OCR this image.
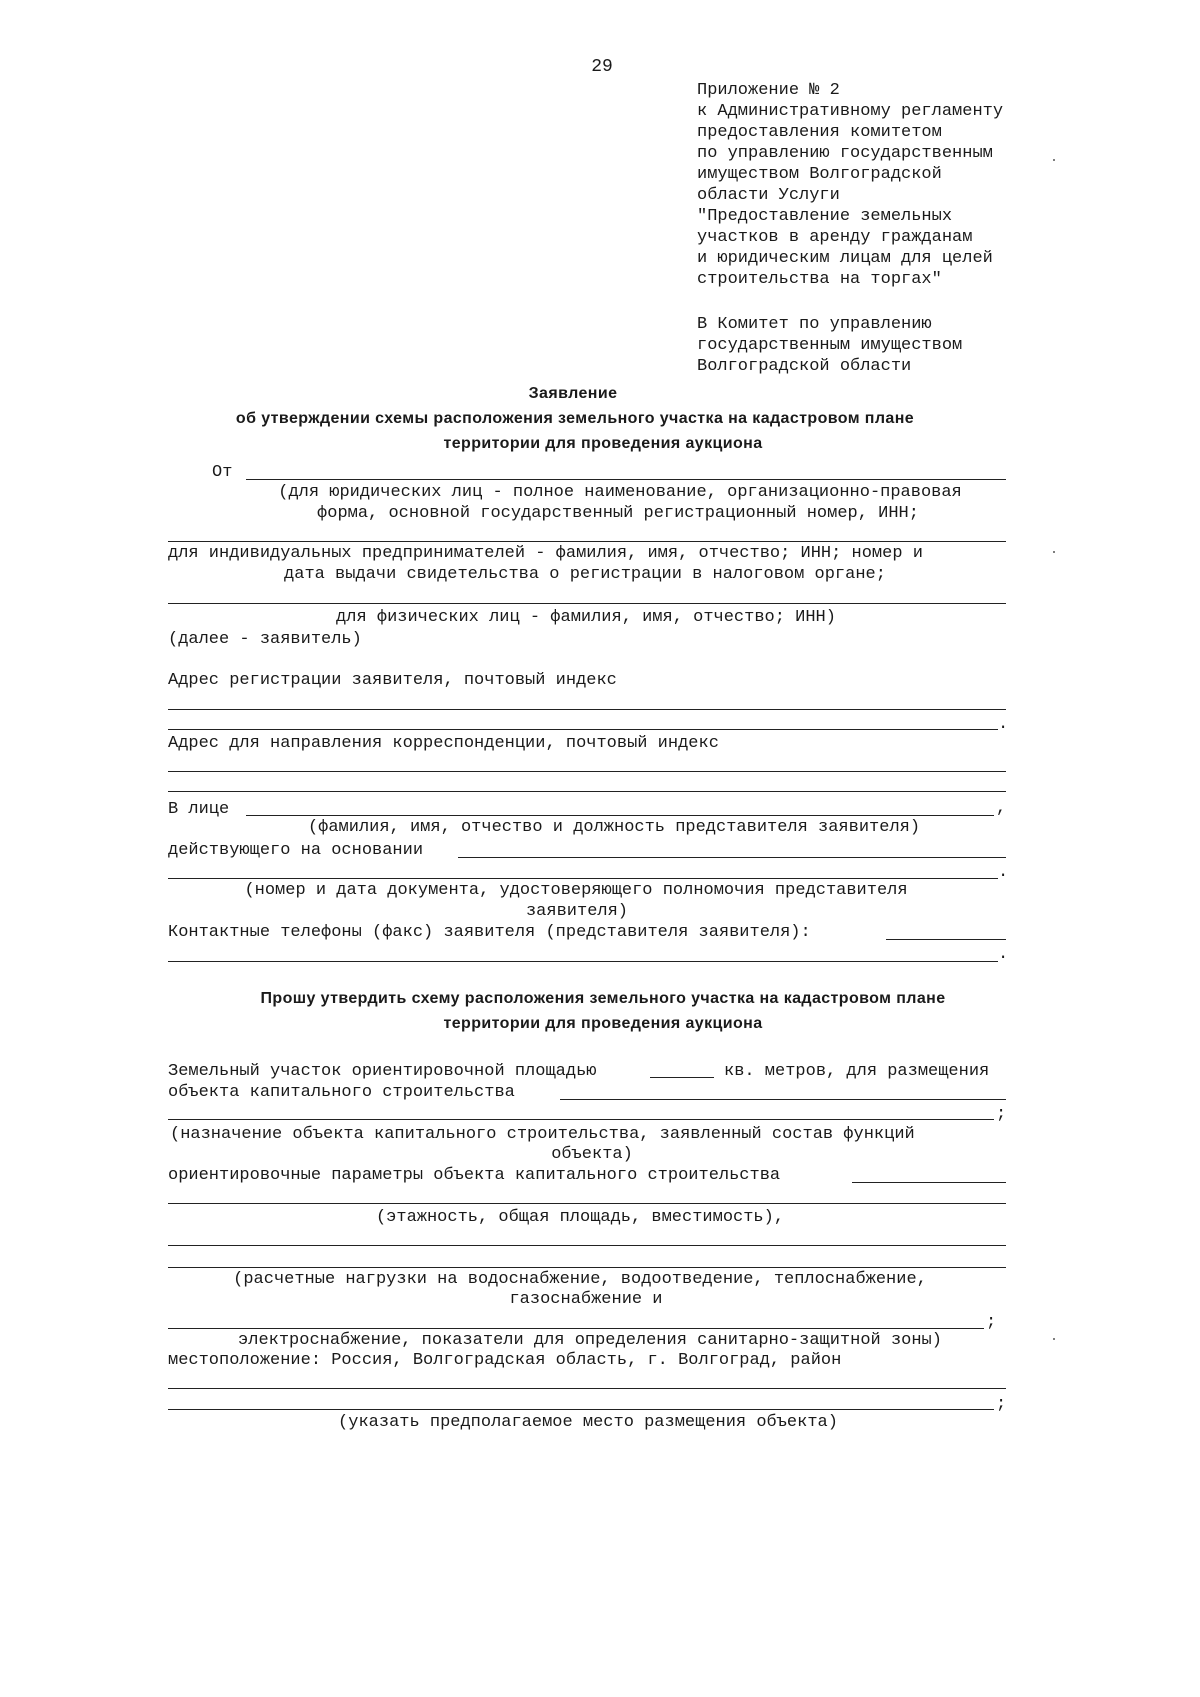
29
Приложение № 2
к Административному регламенту
предоставления комитетом
по управлению государственным
имуществом Волгоградской
области Услуги
"Предоставление земельных
участков в аренду гражданам
и юридическим лицам для целей
строительства на торгах"
В Комитет по управлению
государственным имуществом
Волгоградской области
Заявление
об утверждении схемы расположения земельного участка на кадастровом плане
территории для проведения аукциона
От
(для юридических лиц - полное наименование, организационно-правовая
форма, основной государственный регистрационный номер, ИНН;
для индивидуальных предпринимателей - фамилия, имя, отчество; ИНН; номер и
дата выдачи свидетельства о регистрации в налоговом органе;
для физических лиц - фамилия, имя, отчество; ИНН)
(далее - заявитель)
Адрес регистрации заявителя, почтовый индекс
.
Адрес для направления корреспонденции, почтовый индекс
В лице	,
(фамилия, имя, отчество и должность представителя заявителя)
действующего на основании
.
(номер и дата документа, удостоверяющего полномочия представителя
заявителя)
Контактные телефоны (факс) заявителя (представителя заявителя):
.
Прошу утвердить схему расположения земельного участка на кадастровом плане
территории для проведения аукциона
Земельный участок ориентировочной площадью	кв. метров, для размещения
объекта капитального строительства
;
(назначение объекта капитального строительства, заявленный состав функций
объекта)
ориентировочные параметры объекта капитального строительства
(этажность, общая площадь, вместимость),
(расчетные нагрузки на водоснабжение, водоотведение, теплоснабжение,
газоснабжение и
;
электроснабжение, показатели для определения санитарно-защитной зоны)
местоположение: Россия, Волгоградская область, г. Волгоград, район
;
(указать предполагаемое место размещения объекта)
